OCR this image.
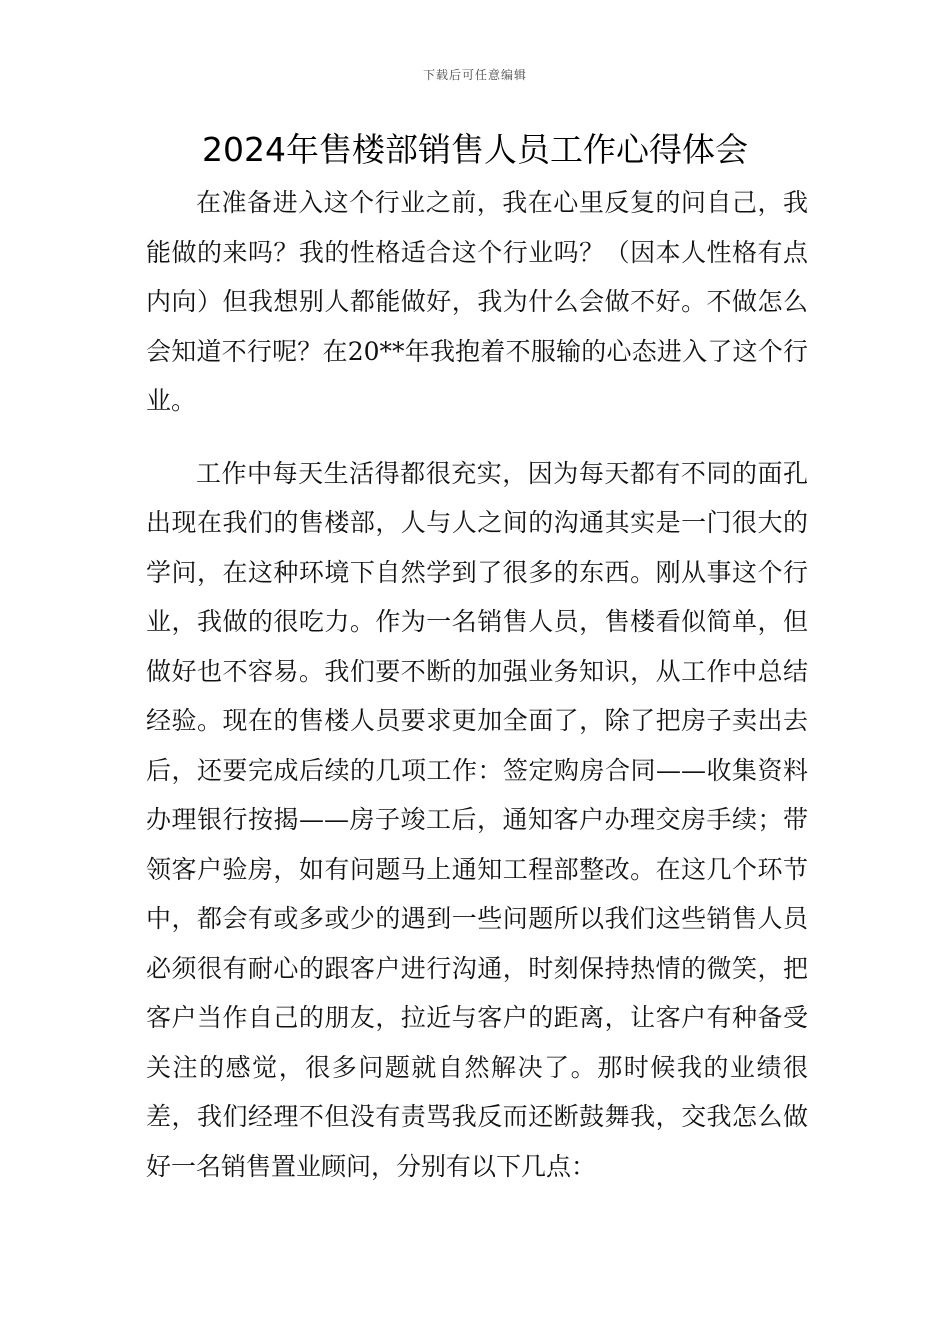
下载后可任意编辑
2024年售楼部销售人员工作心得体会

在准备进入这个行业之前，我在心里反复的问自己，我能做的来吗？我的性格适合这个行业吗？（因本人性格有点内向）但我想别人都能做好，我为什么会做不好。不做怎么会知道不行呢？在20**年我抱着不服输的心态进入了这个行业。

工作中每天生活得都很充实，因为每天都有不同的面孔出现在我们的售楼部，人与人之间的沟通其实是一门很大的学问，在这种环境下自然学到了很多的东西。刚从事这个行业，我做的很吃力。作为一名销售人员，售楼看似简单，但做好也不容易。我们要不断的加强业务知识，从工作中总结经验。现在的售楼人员要求更加全面了，除了把房子卖出去后，还要完成后续的几项工作：签定购房合同——收集资料办理银行按揭——房子竣工后，通知客户办理交房手续；带领客户验房，如有问题马上通知工程部整改。在这几个环节中，都会有或多或少的遇到一些问题所以我们这些销售人员必须很有耐心的跟客户进行沟通，时刻保持热情的微笑，把客户当作自己的朋友，拉近与客户的距离，让客户有种备受关注的感觉，很多问题就自然解决了。那时候我的业绩很差，我们经理不但没有责骂我反而还断鼓舞我，交我怎么做好一名销售置业顾问，分别有以下几点：
